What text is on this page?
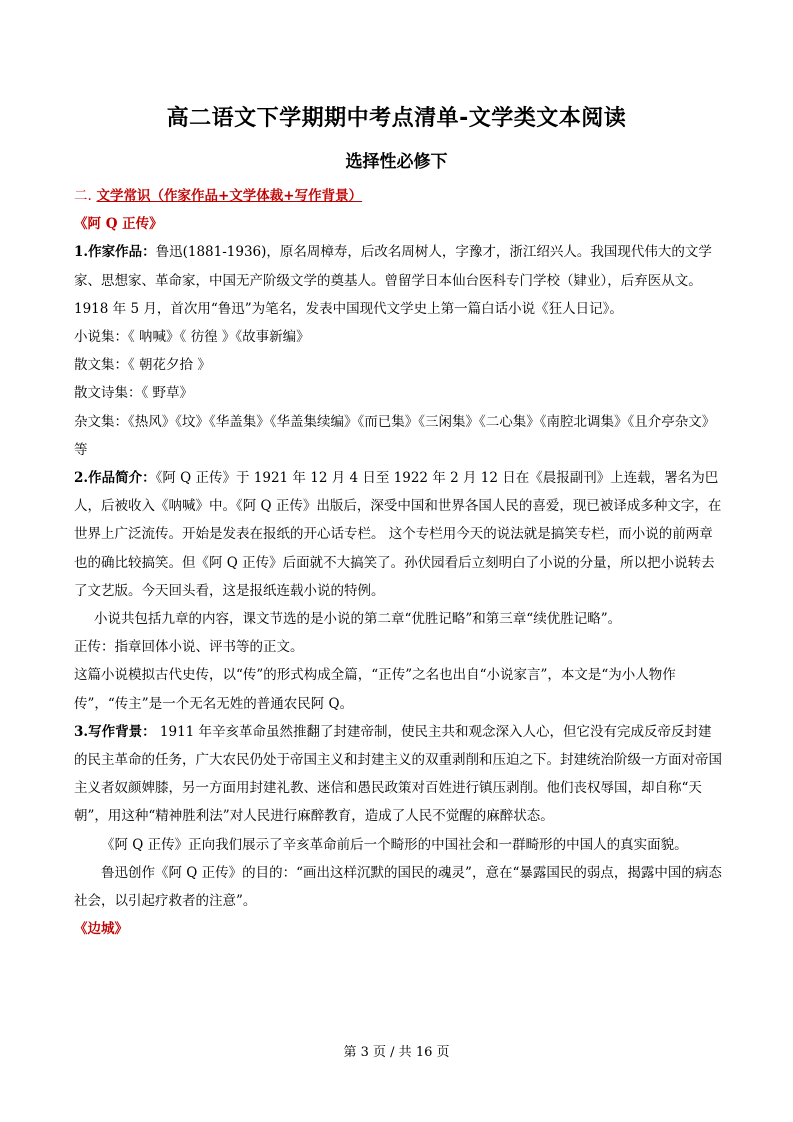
高二语文下学期期中考点清单-文学类文本阅读
选择性必修下

二. 文学常识（作家作品+文学体裁+写作背景）

《阿 Q 正传》

1.作家作品：鲁迅(1881-1936)，原名周樟寿，后改名周树人，字豫才，浙江绍兴人。我国现代伟大的文学家、思想家、革命家，中国无产阶级文学的奠基人。曾留学日本仙台医科专门学校（肄业），后弃医从文。1918 年 5 月，首次用“鲁迅”为笔名，发表中国现代文学史上第一篇白话小说《狂人日记》。

小说集：《 呐喊》《 彷徨 》《故事新编》

散文集：《 朝花夕拾 》

散文诗集：《 野草》

杂文集：《热风》《坟》《华盖集》《华盖集续编》《而已集》《三闲集》《二心集》《南腔北调集》《且介亭杂文》等

2.作品简介：《阿 Q 正传》于 1921 年 12 月 4 日至 1922 年 2 月 12 日在《晨报副刊》上连载，署名为巴人，后被收入《呐喊》中。《阿 Q 正传》出版后，深受中国和世界各国人民的喜爱，现已被译成多种文字，在世界上广泛流传。开始是发表在报纸的开心话专栏。 这个专栏用今天的说法就是搞笑专栏，而小说的前两章也的确比较搞笑。但《阿 Q 正传》后面就不大搞笑了。孙伏园看后立刻明白了小说的分量，所以把小说转去了文艺版。今天回头看，这是报纸连载小说的特例。

小说共包括九章的内容，课文节选的是小说的第二章“优胜记略”和第三章“续优胜记略”。

正传：指章回体小说、评书等的正文。

这篇小说模拟古代史传，以“传”的形式构成全篇，“正传”之名也出自“小说家言”，本文是“为小人物作传”，“传主”是一个无名无姓的普通农民阿 Q。

3.写作背景： 1911 年辛亥革命虽然推翻了封建帝制，使民主共和观念深入人心，但它没有完成反帝反封建的民主革命的任务，广大农民仍处于帝国主义和封建主义的双重剥削和压迫之下。封建统治阶级一方面对帝国主义者奴颜婢膝，另一方面用封建礼教、迷信和愚民政策对百姓进行镇压剥削。他们丧权辱国，却自称“天朝”，用这种“精神胜利法”对人民进行麻醉教育，造成了人民不觉醒的麻醉状态。

《阿 Q 正传》正向我们展示了辛亥革命前后一个畸形的中国社会和一群畸形的中国人的真实面貌。

鲁迅创作《阿 Q 正传》的目的：“画出这样沉默的国民的魂灵”，意在“暴露国民的弱点，揭露中国的病态社会，以引起疗救者的注意”。

《边城》

第 3 页 / 共 16 页
